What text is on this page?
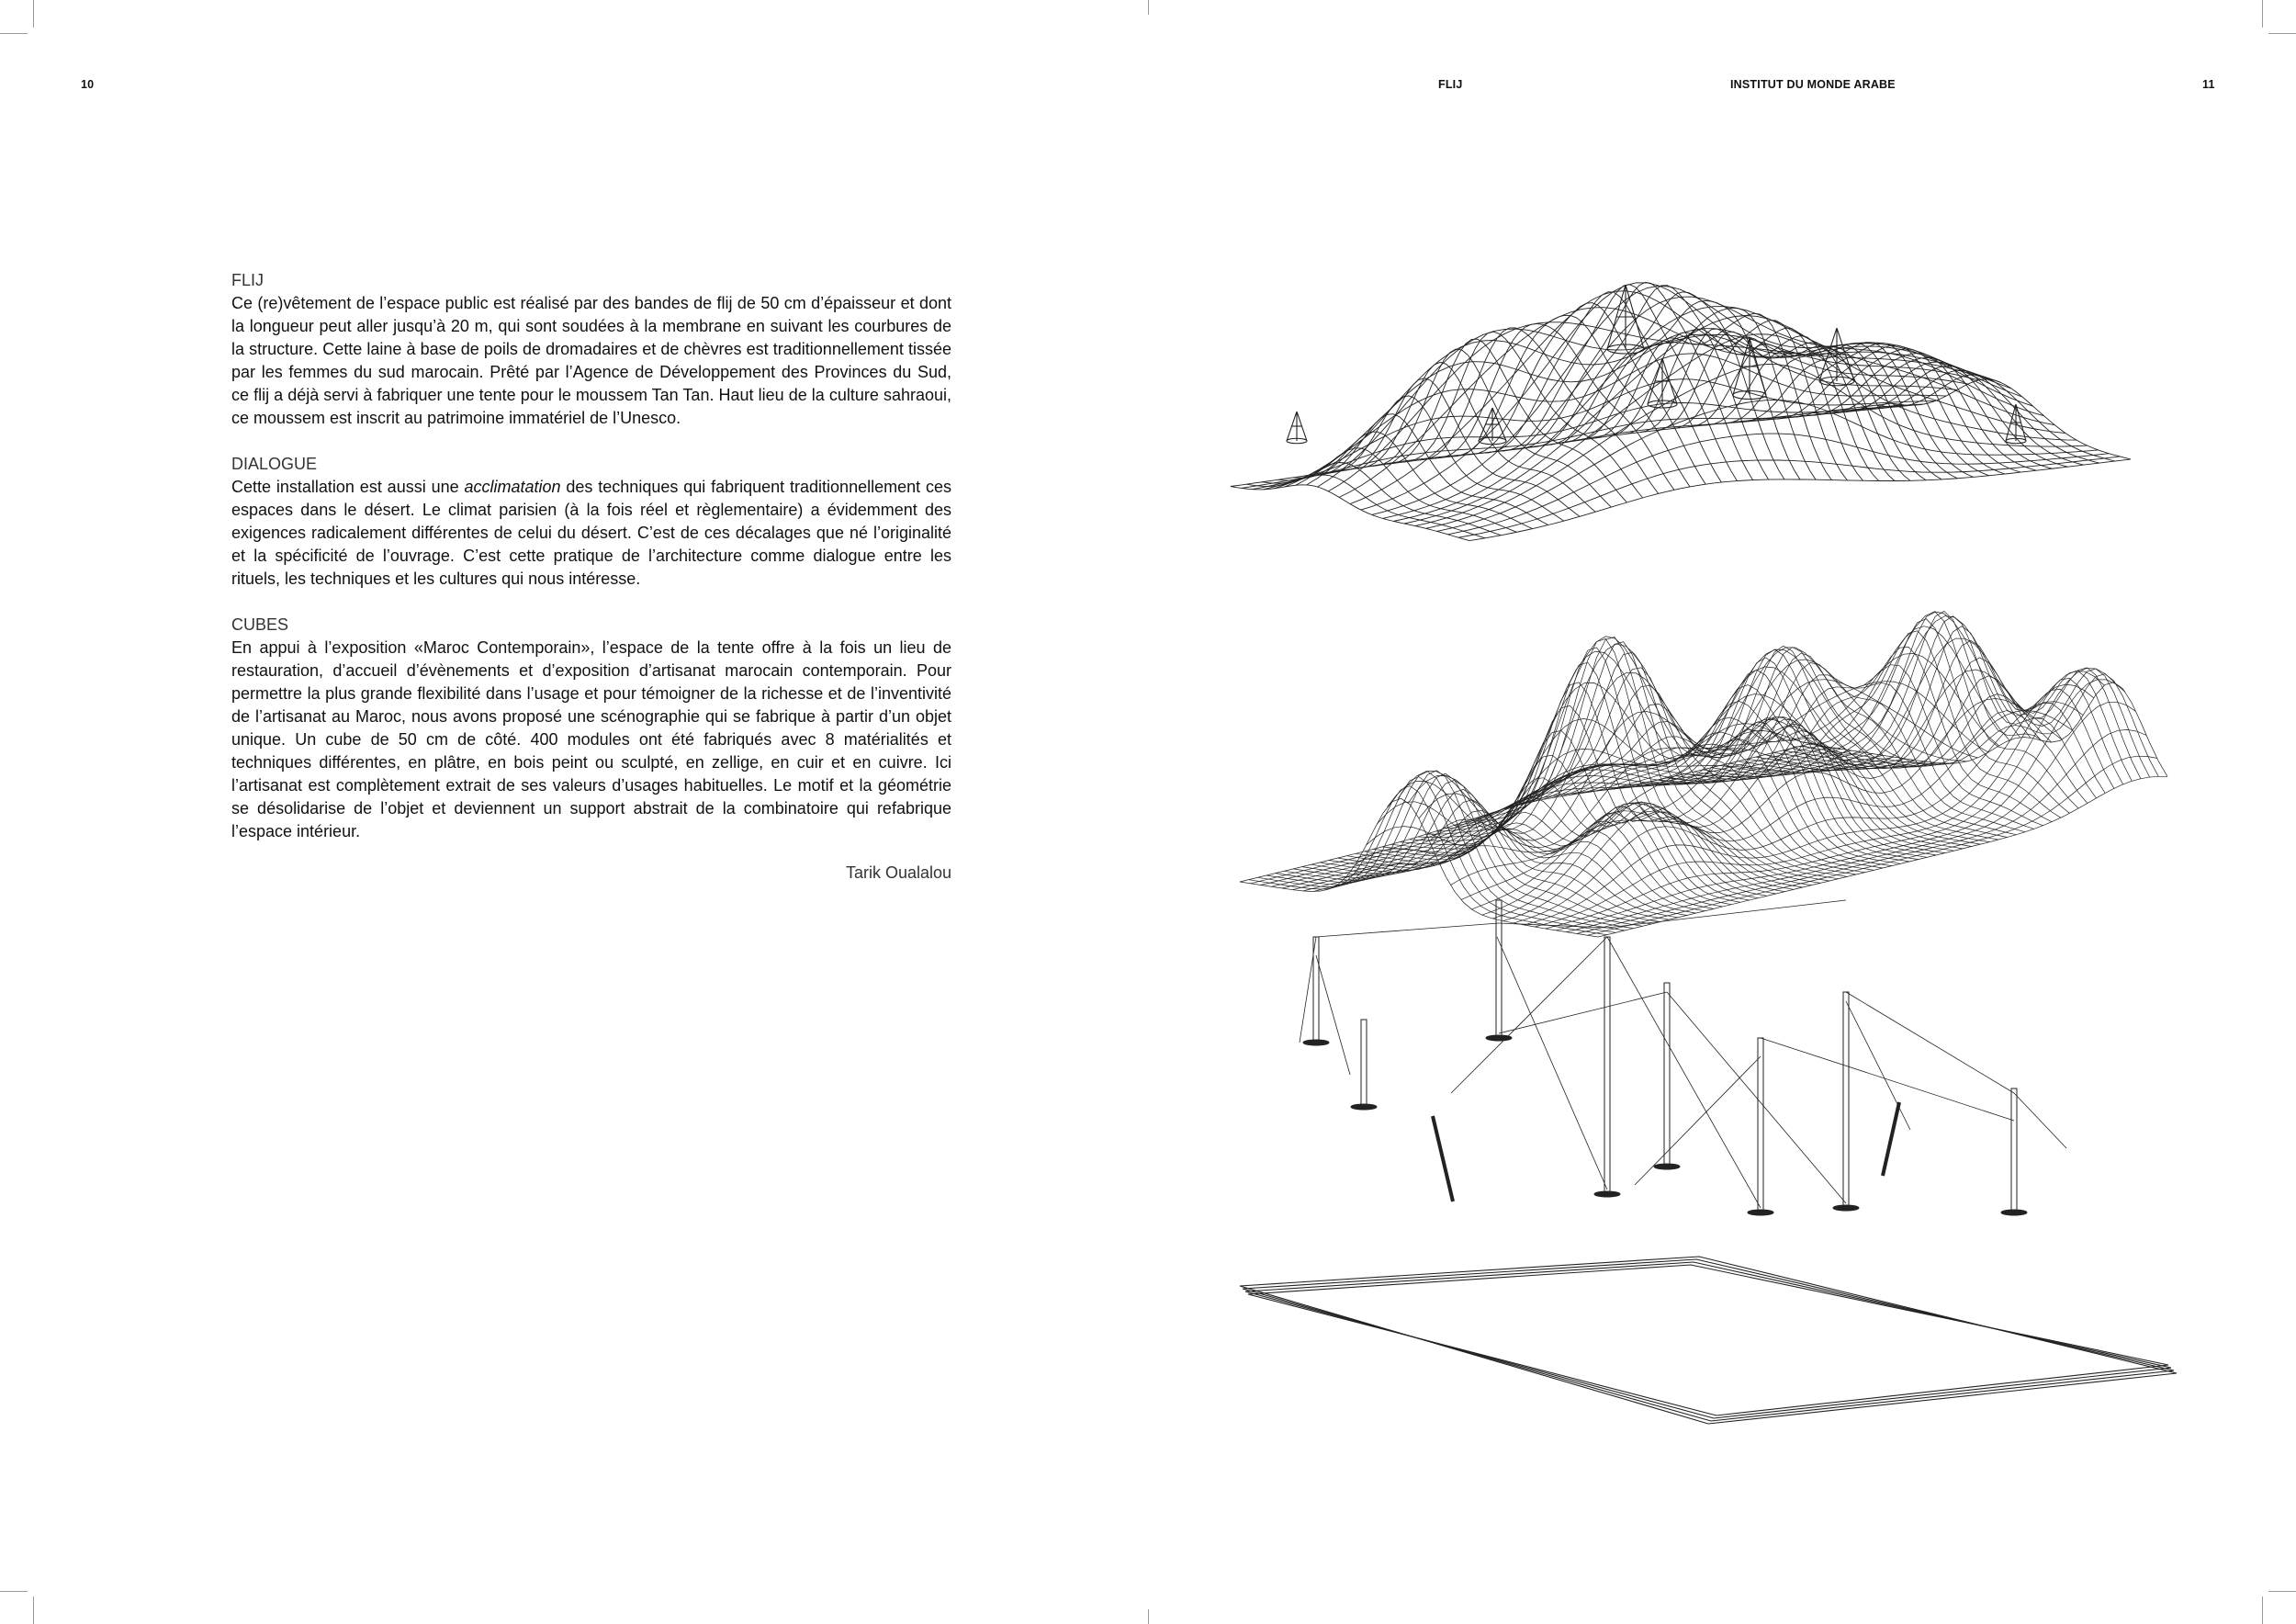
10	FLIJ	INSTITUT DU MONDE ARABE	11
FLIJ

Ce (re)vêtement de l’espace public est réalisé par des bandes de flij de 50 cm d’épaisseur et dont la longueur peut aller jusqu’à 20 m, qui sont soudées à la membrane en suivant les courbures de la structure. Cette laine à base de poils de dromadaires et de chèvres est traditionnellement tissée par les femmes du sud marocain. Prêté par l’Agence de Développement des Provinces du Sud, ce flij a déjà servi à fabriquer une tente pour le moussem Tan Tan. Haut lieu de la culture sahraoui, ce moussem est inscrit au patrimoine immatériel de l’Unesco.

DIALOGUE

Cette installation est aussi une acclimatation des techniques qui fabriquent traditionnellement ces espaces dans le désert. Le climat parisien (à la fois réel et règlementaire) a évidemment des exigences radicalement différentes de celui du désert. C’est de ces décalages que né l’originalité et la spécificité de l’ouvrage. C’est cette pratique de l’architecture comme dialogue entre les rituels, les techniques et les cultures qui nous intéresse.

CUBES

En appui à l’exposition «Maroc Contemporain», l’espace de la tente offre à la fois un lieu de restauration, d’accueil d’évènements et d’exposition d’artisanat marocain contemporain. Pour permettre la plus grande flexibilité dans l’usage et pour témoigner de la richesse et de l’inventivité de l’artisanat au Maroc, nous avons proposé une scénographie qui se fabrique à partir d’un objet unique. Un cube de 50 cm de côté. 400 modules ont été fabriqués avec 8 matérialités et techniques différentes, en plâtre, en bois peint ou sculpté, en zellige, en cuir et en cuivre. Ici l’artisanat est complètement extrait de ses valeurs d’usages habituelles. Le motif et la géométrie se désolidarise de l’objet et deviennent un support abstrait de la combinatoire qui refabrique l’espace intérieur.

Tarik Oualalou
